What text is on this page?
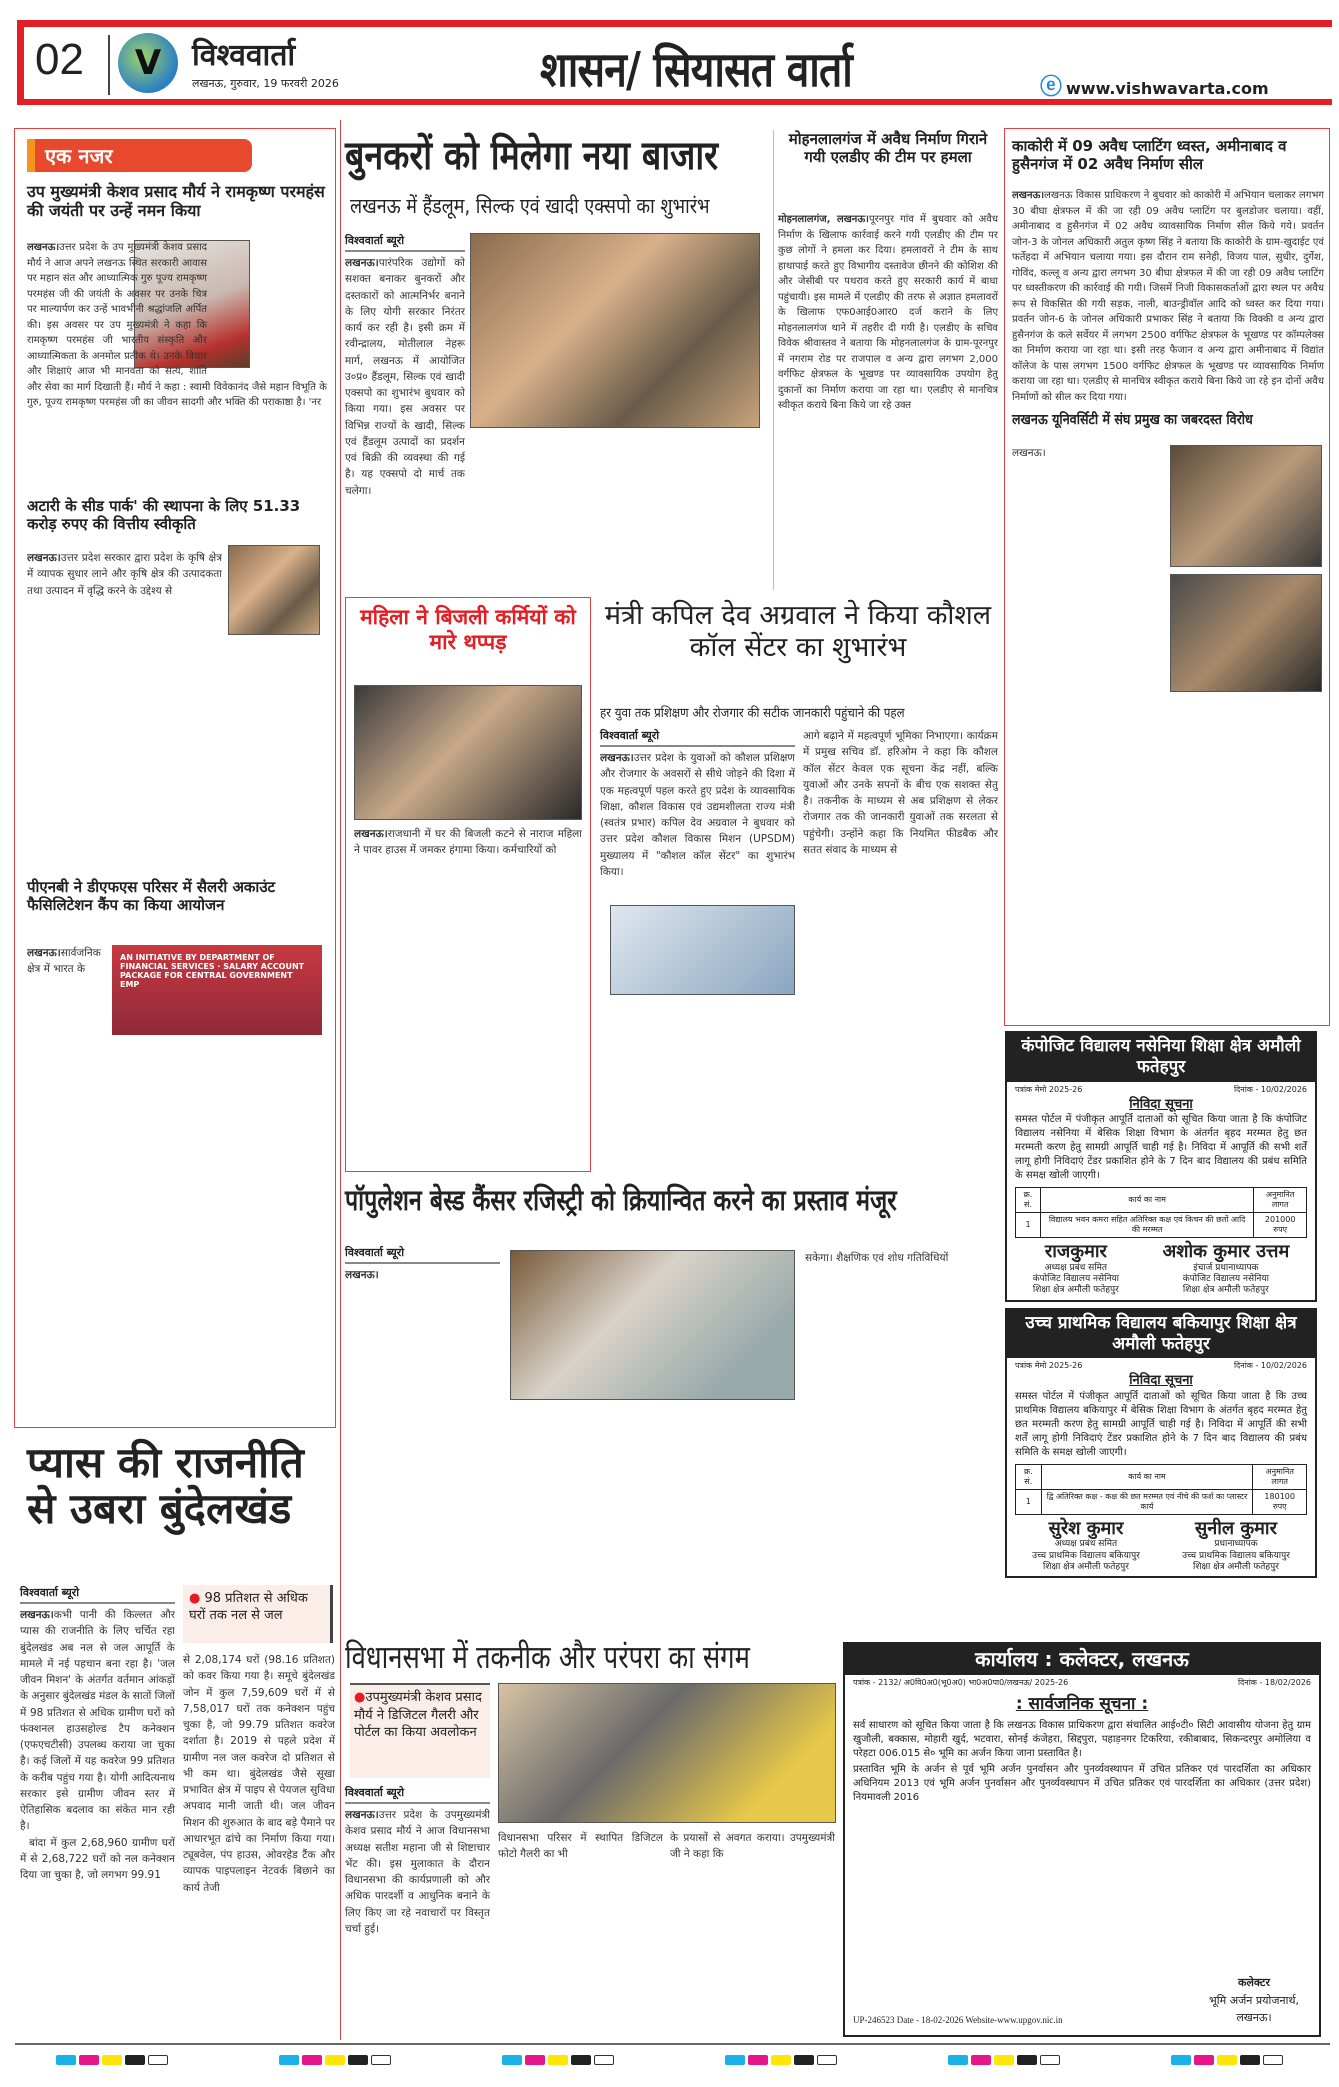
02	V	विश्ववार्ता
लखनऊ, गुरुवार, 19 फरवरी 2026	शासन/ सियासत वार्ता	ⓔ www.vishwavarta.com
एक नजर
उप मुख्यमंत्री केशव प्रसाद मौर्य ने रामकृष्ण परमहंस की जयंती पर उन्हें नमन किया
लखनऊ।उत्तर प्रदेश के उप मुख्यमंत्री केशव प्रसाद मौर्य ने आज अपने लखनऊ स्थित सरकारी आवास पर महान संत और आध्यात्मिक गुरु पूज्य रामकृष्ण परमहंस जी की जयंती के अवसर पर उनके चित्र पर माल्यार्पण कर उन्हें भावभीनी श्रद्धांजलि अर्पित की। इस अवसर पर उप मुख्यमंत्री ने कहा कि रामकृष्ण परमहंस जी भारतीय संस्कृति और आध्यात्मिकता के अनमोल प्रतीक थे। उनके विचार और शिक्षाएं आज भी मानवता को सत्य, शांति और सेवा का मार्ग दिखाती हैं। मौर्य ने कहा : स्वामी विवेकानंद जैसे महान विभूति के गुरु, पूज्य रामकृष्ण परमहंस जी का जीवन सादगी और भक्ति की पराकाष्ठा है। 'नर
अटारी के सीड पार्क' की स्थापना के लिए 51.33 करोड़ रुपए की वित्तीय स्वीकृति
लखनऊ।उत्तर प्रदेश सरकार द्वारा प्रदेश के कृषि क्षेत्र में व्यापक सुधार लाने और कृषि क्षेत्र की उत्पादकता तथा उत्पादन में वृद्धि करने के उद्देश्य से
पीएनबी ने डीएफएस परिसर में सैलरी अकाउंट फैसिलिटेशन कैंप का किया आयोजन
लखनऊ।सार्वजनिक क्षेत्र में भारत के
AN INITIATIVE BY DEPARTMENT OF FINANCIAL SERVICES · SALARY ACCOUNT PACKAGE FOR CENTRAL GOVERNMENT EMP
प्यास की राजनीति से उबरा बुंदेलखंड
विश्ववार्ता ब्यूरो
लखनऊ।कभी पानी की किल्लत और प्यास की राजनीति के लिए चर्चित रहा बुंदेलखंड अब नल से जल आपूर्ति के मामले में नई पहचान बना रहा है। 'जल जीवन मिशन' के अंतर्गत वर्तमान आंकड़ों के अनुसार बुंदेलखंड मंडल के सातों जिलों में 98 प्रतिशत से अधिक ग्रामीण घरों को फंक्शनल हाउसहोल्ड टैप कनेक्शन (एफएचटीसी) उपलब्ध कराया जा चुका है। कई जिलों में यह कवरेज 99 प्रतिशत के करीब पहुंच गया है। योगी आदित्यनाथ सरकार इसे ग्रामीण जीवन स्तर में ऐतिहासिक बदलाव का संकेत मान रही है।
बांदा में कुल 2,68,960 ग्रामीण घरों में से 2,68,722 घरों को नल कनेक्शन दिया जा चुका है, जो लगभग 99.91
● 98 प्रतिशत से अधिक घरों तक नल से जल
से 2,08,174 घरों (98.16 प्रतिशत) को कवर किया गया है। समूचे बुंदेलखंड जोन में कुल 7,59,609 घरों में से 7,58,017 घरों तक कनेक्शन पहुंच चुका है, जो 99.79 प्रतिशत कवरेज दर्शाता है। 2019 से पहले प्रदेश में ग्रामीण नल जल कवरेज दो प्रतिशत से भी कम था। बुंदेलखंड जैसे सूखा प्रभावित क्षेत्र में पाइप से पेयजल सुविधा अपवाद मानी जाती थी। जल जीवन मिशन की शुरुआत के बाद बड़े पैमाने पर आधारभूत ढांचे का निर्माण किया गया। ट्यूबवेल, पंप हाउस, ओवरहेड टैंक और व्यापक पाइपलाइन नेटवर्क बिछाने का कार्य तेजी
बुनकरों को मिलेगा नया बाजार
लखनऊ में हैंडलूम, सिल्क एवं खादी एक्सपो का शुभारंभ
विश्ववार्ता ब्यूरो
लखनऊ।पारंपरिक उद्योगों को सशक्त बनाकर बुनकरों और दस्तकारों को आत्मनिर्भर बनाने के लिए योगी सरकार निरंतर कार्य कर रही है। इसी क्रम में रवीन्द्रालय, मोतीलाल नेहरू मार्ग, लखनऊ में आयोजित उ०प्र० हैंडलूम, सिल्क एवं खादी एक्सपो का शुभारंभ बुधवार को किया गया। इस अवसर पर विभिन्न राज्यों के खादी, सिल्क एवं हैंडलूम उत्पादों का प्रदर्शन एवं बिक्री की व्यवस्था की गई है। यह एक्सपो दो मार्च तक चलेगा।
मोहनलालगंज में अवैध निर्माण गिराने गयी एलडीए की टीम पर हमला
मोहनलालगंज, लखनऊ।पूरनपुर गांव में बुधवार को अवैध निर्माण के खिलाफ कार्रवाई करने गयी एलडीए की टीम पर कुछ लोगों ने हमला कर दिया। हमलावरों ने टीम के साथ हाथापाई करते हुए विभागीय दस्तावेज छीनने की कोशिश की और जेसीबी पर पथराव करते हुए सरकारी कार्य में बाधा पहुंचायी। इस मामले में एलडीए की तरफ से अज्ञात हमलावरों के खिलाफ एफ0आई0आर0 दर्ज कराने के लिए मोहनलालगंज थाने में तहरीर दी गयी है। एलडीए के सचिव विवेक श्रीवास्तव ने बताया कि मोहनलालगंज के ग्राम-पूरनपुर में नगराम रोड पर राजपाल व अन्य द्वारा लगभग 2,000 वर्गफिट क्षेत्रफल के भूखण्ड पर व्यावसायिक उपयोग हेतु दुकानों का निर्माण कराया जा रहा था। एलडीए से मानचित्र स्वीकृत कराये बिना किये जा रहे उक्त
महिला ने बिजली कर्मियों को मारे थप्पड़
लखनऊ।राजधानी में घर की बिजली कटने से नाराज महिला ने पावर हाउस में जमकर हंगामा किया। कर्मचारियों को
मंत्री कपिल देव अग्रवाल ने किया कौशल कॉल सेंटर का शुभारंभ
हर युवा तक प्रशिक्षण और रोजगार की सटीक जानकारी पहुंचाने की पहल
विश्ववार्ता ब्यूरो
लखनऊ।उत्तर प्रदेश के युवाओं को कौशल प्रशिक्षण और रोजगार के अवसरों से सीधे जोड़ने की दिशा में एक महत्वपूर्ण पहल करते हुए प्रदेश के व्यावसायिक शिक्षा, कौशल विकास एवं उद्यमशीलता राज्य मंत्री (स्वतंत्र प्रभार) कपिल देव अग्रवाल ने बुधवार को उत्तर प्रदेश कौशल विकास मिशन (UPSDM) मुख्यालय में "कौशल कॉल सेंटर" का शुभारंभ किया।
आगे बढ़ाने में महत्वपूर्ण भूमिका निभाएगा। कार्यक्रम में प्रमुख सचिव डॉ. हरिओम ने कहा कि कौशल कॉल सेंटर केवल एक सूचना केंद्र नहीं, बल्कि युवाओं और उनके सपनों के बीच एक सशक्त सेतु है। तकनीक के माध्यम से अब प्रशिक्षण से लेकर रोजगार तक की जानकारी युवाओं तक सरलता से पहुंचेगी। उन्होंने कहा कि नियमित फीडबैक और सतत संवाद के माध्यम से
पॉपुलेशन बेस्ड कैंसर रजिस्ट्री को क्रियान्वित करने का प्रस्ताव मंजूर
विश्ववार्ता ब्यूरो
लखनऊ।
सकेगा। शैक्षणिक एवं शोध गतिविधियों
विधानसभा में तकनीक और परंपरा का संगम
●उपमुख्यमंत्री केशव प्रसाद मौर्य ने डिजिटल गैलरी और पोर्टल का किया अवलोकन
विश्ववार्ता ब्यूरो
लखनऊ।उत्तर प्रदेश के उपमुख्यमंत्री केशव प्रसाद मौर्य ने आज विधानसभा अध्यक्ष सतीश महाना जी से शिष्टाचार भेंट की। इस मुलाकात के दौरान विधानसभा की कार्यप्रणाली को और अधिक पारदर्शी व आधुनिक बनाने के लिए किए जा रहे नवाचारों पर विस्तृत चर्चा हुई।
विधानसभा परिसर में स्थापित डिजिटल फोटो गैलरी का भी
के प्रयासों से अवगत कराया। उपमुख्यमंत्री जी ने कहा कि
काकोरी में 09 अवैध प्लाटिंग ध्वस्त, अमीनाबाद व हुसैनगंज में 02 अवैध निर्माण सील
लखनऊ।लखनऊ विकास प्राधिकरण ने बुधवार को काकोरी में अभियान चलाकर लगभग 30 बीघा क्षेत्रफल में की जा रही 09 अवैध प्लाटिंग पर बुलडोजर चलाया। वहीं, अमीनाबाद व हुसैनगंज में 02 अवैध व्यावसायिक निर्माण सील किये गये। प्रवर्तन जोन-3 के जोनल अधिकारी अतुल कृष्ण सिंह ने बताया कि काकोरी के ग्राम-खुदाईट एवं फर्तेहदा में अभियान चलाया गया। इस दौरान राम सनेही, विजय पाल, सुधीर, दुर्गेश, गोविंद, कल्लू व अन्य द्वारा लगभग 30 बीघा क्षेत्रफल में की जा रही 09 अवैध प्लाटिंग पर ध्वस्तीकरण की कार्रवाई की गयी। जिसमें निजी विकासकर्ताओं द्वारा स्थल पर अवैध रूप से विकसित की गयी सड़क, नाली, बाउन्ड्रीवॉल आदि को ध्वस्त कर दिया गया। प्रवर्तन जोन-6 के जोनल अधिकारी प्रभाकर सिंह ने बताया कि विक्की व अन्य द्वारा हुसैनगंज के कले सर्वेयर में लगभग 2500 वर्गफिट क्षेत्रफल के भूखण्ड पर कॉम्पलेक्स का निर्माण कराया जा रहा था। इसी तरह फैजान व अन्य द्वारा अमीनाबाद में विद्यांत कॉलेज के पास लगभग 1500 वर्गफिट क्षेत्रफल के भूखण्ड पर व्यावसायिक निर्माण कराया जा रहा था। एलडीए से मानचित्र स्वीकृत कराये बिना किये जा रहे इन दोनों अवैध निर्माणों को सील कर दिया गया।
लखनऊ यूनिवर्सिटी में संघ प्रमुख का जबरदस्त विरोध
लखनऊ।
कंपोजिट विद्यालय नसेनिया शिक्षा क्षेत्र अमौली फतेहपुर
पत्रांक मेमो 2025-26	दिनांक - 10/02/2026
निविदा सूचना
समस्त पोर्टल में पंजीकृत आपूर्ति दाताओं को सूचित किया जाता है कि कंपोजिट विद्यालय नसेनिया में बेसिक शिक्षा विभाग के अंतर्गत बृहद मरम्मत हेतु छत मरम्मती करण हेतु सामग्री आपूर्ति चाही गई है। निविदा में आपूर्ति की सभी शर्तें लागू होगी निविदाएं टेंडर प्रकाशित होने के 7 दिन बाद विद्यालय की प्रबंध समिति के समक्ष खोली जाएगी।
क्र. सं.	कार्य का नाम	अनुमानित लागत
1	विद्यालय भवन कमरा सहित अतिरिक्त कक्ष एवं किचन की छतों आदि की मरम्मत	201000 रुपए
राजकुमार
अध्यक्ष प्रबंध समित
कंपोजिट विद्यालय नसेनिया
शिक्षा क्षेत्र अमौली फतेहपुर
अशोक कुमार उत्तम
इंचार्ज प्रधानाध्यापक
कंपोजिट विद्यालय नसेनिया
शिक्षा क्षेत्र अमौली फतेहपुर
उच्च प्राथमिक विद्यालय बकियापुर शिक्षा क्षेत्र अमौली फतेहपुर
पत्रांक मेमो 2025-26	दिनांक - 10/02/2026
निविदा सूचना
समस्त पोर्टल में पंजीकृत आपूर्ति दाताओं को सूचित किया जाता है कि उच्च प्राथमिक विद्यालय बकियापुर में बेसिक शिक्षा विभाग के अंतर्गत बृहद मरम्मत हेतु छत मरम्मती करण हेतु सामग्री आपूर्ति चाही गई है। निविदा में आपूर्ति की सभी शर्तें लागू होगी निविदाएं टेंडर प्रकाशित होने के 7 दिन बाद विद्यालय की प्रबंध समिति के समक्ष खोली जाएगी।
क्र. सं.	कार्य का नाम	अनुमानित लागत
1	द्वि अतिरिक्त कक्ष - कक्ष की छत मरम्मत एवं नीचे की फर्श का प्लास्टर कार्य	180100 रुपए
सुरेश कुमार
अध्यक्ष प्रबंध समित
उच्च प्राथमिक विद्यालय बकियापुर
शिक्षा क्षेत्र अमौली फतेहपुर
सुनील कुमार
प्रधानाध्यापक
उच्च प्राथमिक विद्यालय बकियापुर
शिक्षा क्षेत्र अमौली फतेहपुर
कार्यालय : कलेक्टर, लखनऊ
पत्रांक - 2132/ अ0वि0अ0(भू0अ0) भा0अ0पा0/लखनऊ/ 2025-26	दिनांक - 18/02/2026
: सार्वजनिक सूचना :
सर्व साधारण को सूचित किया जाता है कि लखनऊ विकास प्राधिकरण द्वारा संचालित आई०टी० सिटी आवासीय योजना हेतु ग्राम खुजौली, बक्कास, मोहारी खुर्द, भटवारा, सोनई कंजेहरा, सिद्दपुरा, पहाड़नगर टिकरिया, रकीबाबाद, सिकन्दरपुर अमोलिया व परेहटा 006.015 से० भूमि का अर्जन किया जाना प्रस्तावित है।
प्रस्तावित भूमि के अर्जन से पूर्व भूमि अर्जन पुनर्वासन और पुनर्व्यवस्थापन में उचित प्रतिकर एवं पारदर्शिता का अधिकार अधिनियम 2013 एवं भूमि अर्जन पुनर्वासन और पुनर्व्यवस्थापन में उचित प्रतिकर एवं पारदर्शिता का अधिकार (उत्तर प्रदेश) नियमावली 2016
कलेक्टर
भूमि अर्जन प्रयोजनार्थ,
लखनऊ।
UP-246523 Date - 18-02-2026 Website-www.upgov.nic.in
